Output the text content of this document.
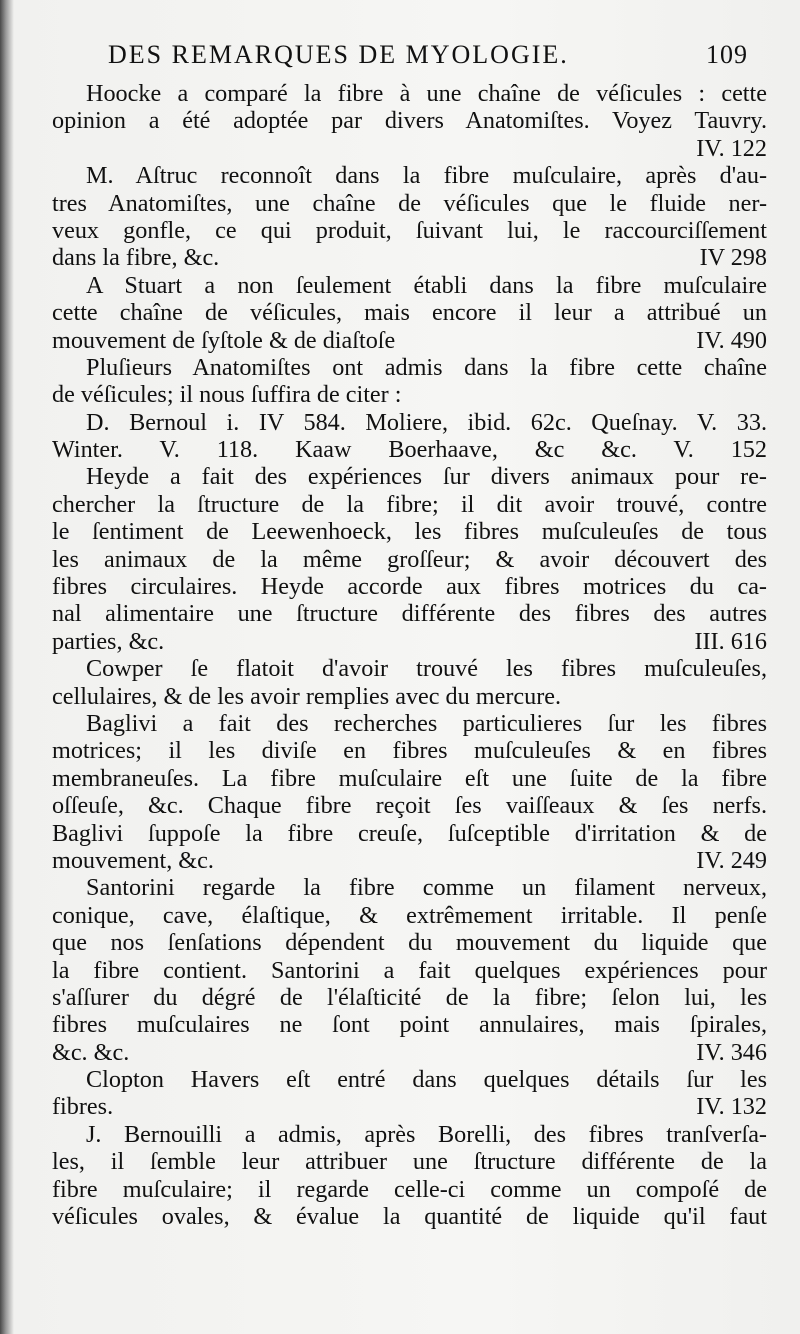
DES REMARQUES DE MYOLOGIE.	109
Hoocke a comparé la fibre à une chaîne de véſicules : cette
opinion a été adoptée par divers Anatomiſtes. Voyez Tauvry.
IV. 122
M. Aſtruc reconnoît dans la fibre muſculaire, après d'au-
tres Anatomiſtes, une chaîne de véſicules que le fluide ner-
veux gonfle, ce qui produit, ſuivant lui, le raccourciſſement
dans la fibre, &c.	IV 298
A Stuart a non ſeulement établi dans la fibre muſculaire
cette chaîne de véſicules, mais encore il leur a attribué un
mouvement de ſyſtole & de diaſtoſe	IV. 490
Pluſieurs Anatomiſtes ont admis dans la fibre cette chaîne
de véſicules; il nous ſuffira de citer :
D. Bernoul i. IV 584. Moliere, ibid. 62c. Queſnay. V. 33.
Winter. V. 118. Kaaw Boerhaave, &c &c. V. 152
Heyde a fait des expériences ſur divers animaux pour re-
chercher la ſtructure de la fibre; il dit avoir trouvé, contre
le ſentiment de Leewenhoeck, les fibres muſculeuſes de tous
les animaux de la même groſſeur; & avoir découvert des
fibres circulaires. Heyde accorde aux fibres motrices du ca-
nal alimentaire une ſtructure différente des fibres des autres
parties, &c.	III. 616
Cowper ſe flatoit d'avoir trouvé les fibres muſculeuſes,
cellulaires, & de les avoir remplies avec du mercure.
Baglivi a fait des recherches particulieres ſur les fibres
motrices; il les diviſe en fibres muſculeuſes & en fibres
membraneuſes. La fibre muſculaire eſt une ſuite de la fibre
oſſeuſe, &c. Chaque fibre reçoit ſes vaiſſeaux & ſes nerfs.
Baglivi ſuppoſe la fibre creuſe, ſuſceptible d'irritation & de
mouvement, &c.	IV. 249
Santorini regarde la fibre comme un filament nerveux,
conique, cave, élaſtique, & extrêmement irritable. Il penſe
que nos ſenſations dépendent du mouvement du liquide que
la fibre contient. Santorini a fait quelques expériences pour
s'aſſurer du dégré de l'élaſticité de la fibre; ſelon lui, les
fibres muſculaires ne ſont point annulaires, mais ſpirales,
&c. &c.	IV. 346
Clopton Havers eſt entré dans quelques détails ſur les
fibres.	IV. 132
J. Bernouilli a admis, après Borelli, des fibres tranſverſa-
les, il ſemble leur attribuer une ſtructure différente de la
fibre muſculaire; il regarde celle-ci comme un compoſé de
véſicules ovales, & évalue la quantité de liquide qu'il faut
